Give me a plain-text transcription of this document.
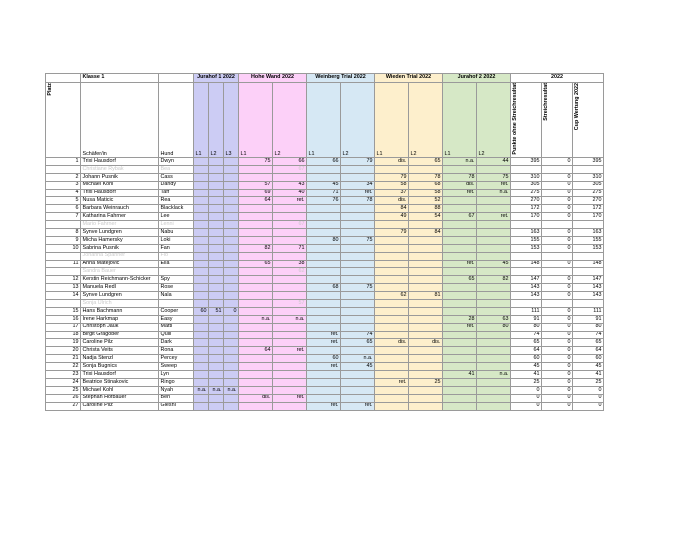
	Klasse 1		Jurahof 1 2022			Hohe Wand 2022		Weinberg Trial 2022		Wieden Trial 2022		Jurahof 2 2022		2022		
Platz	Schäfer/in	Hund	L1	L2	L3	L1	L2	L1	L2	L1	L2	L1	L2	Punkte ohne Streichresultat	Streichresultat	Cup Wertung 2022
1	Trixi Hausdorf	Dwyn				75	66	66	79	dis.	65	n.a.	44	395	0	395
	Christiane Rybak	Bea					67									
2	Johann Pusnik	Cass								79	78	78	75	310	0	310
3	Michael Kohl	Dandy				57	43	45	34	58	68	dis.	ret.	305	0	305
4	Trixi Hausdorf	Taff				69	40	71	ret.	37	58	ret.	n.a.	275	0	275
5	Nusa Maticic	Rea				64	ret.	76	78	dis.	52			270	0	270
6	Barbara Weinrauch	Blacklack								84	88			172	0	172
7	Katharina Fahrner	Lee								49	54	67	ret.	170	0	170
	Mario Fahrner	Lenni					67									
8	Synve Lundgren	Nabu								79	84			163	0	163
9	Micha Hamersky	Loki						80	75					155	0	155
10	Sabrina Pusnik	Fan				82	71							153	0	153
	Johanna Spanner	Flo														
11	Anna Matejovic	Ella				65	38					ret.	45	148	0	148
	Sandra Bauer						62									
12	Kerstin Reichmann-Schicker	Spy										65	82	147	0	147
13	Manuela Redl	Rose						68	75					143	0	143
14	Synve Lundgren	Nala								62	81			143	0	143
	Sonja Ulrich						57									
15	Hans Bachmann	Cooper	60	51	0									111	0	111
16	Irene Harkmap	Easy				n.a.	n.a.					28	63	91	0	91
17	Christoph Jauk	Matti										ret.	80	80	0	80
18	Birgit Gragober	Quill						ret.	74					74	0	74
19	Caroline Pilz	Dark						ret.	65	dis.	dis.			65	0	65
20	Christa Veits	Rona				64	ret.							64	0	64
21	Nadja Stenzl	Percey						60	n.a.					60	0	60
22	Sonja Bugnics	Sweep						ret.	45					45	0	45
23	Trixi Hausdorf	Lyn										41	n.a.	41	0	41
24	Beatrice Stinakovic	Ringo								ret.	25			25	0	25
25	Michael Kohl	Nyah	n.a.	n.a.	n.a.									0	0	0
26	Stephan Hofbauer	Ben				dis.	ret.							0	0	0
27	Caroline Pilz	Glesni						ret.	ret.					0	0	0
